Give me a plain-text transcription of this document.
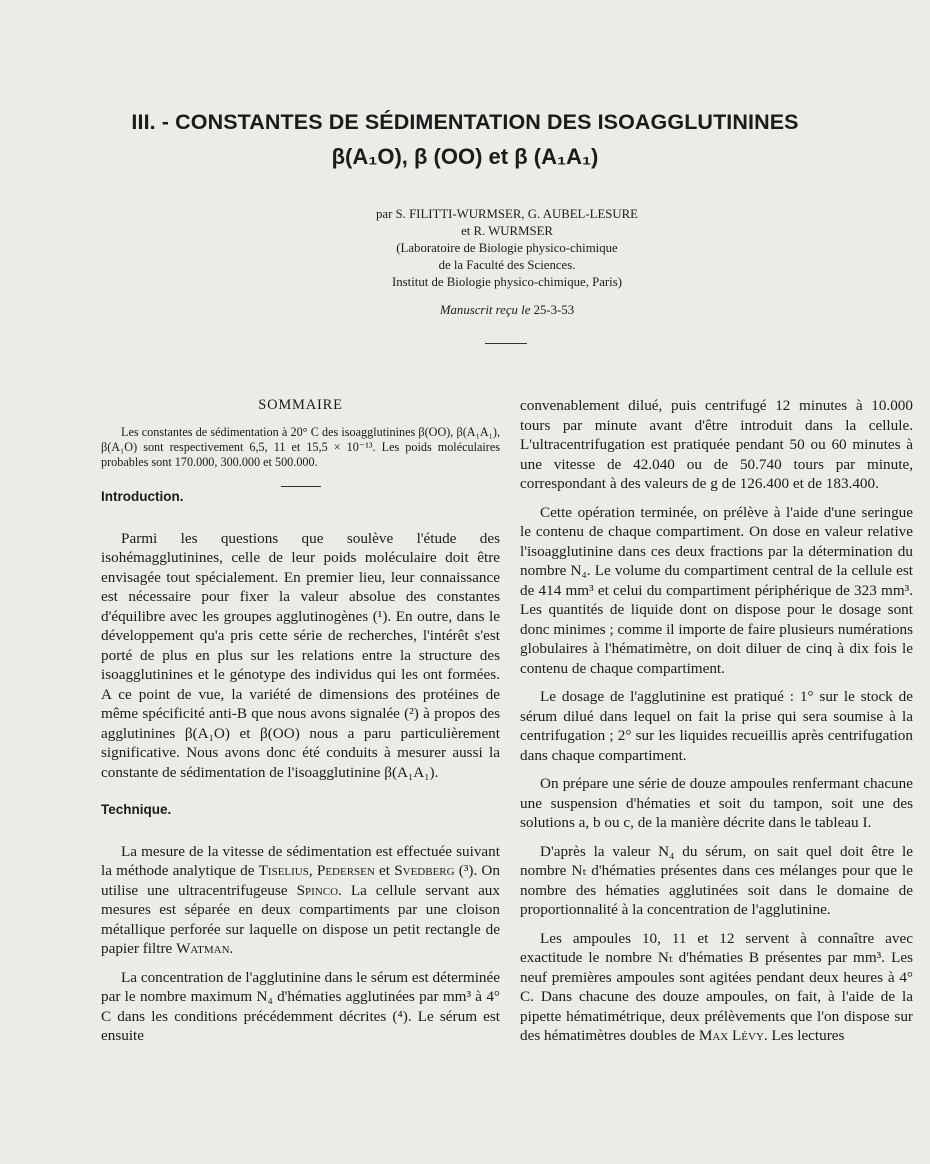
III. - CONSTANTES DE SÉDIMENTATION DES ISOAGGLUTININES
β(A₁O), β (OO) et β (A₁A₁)
par S. FILITTI-WURMSER, G. AUBEL-LESURE
et R. WURMSER
(Laboratoire de Biologie physico-chimique
de la Faculté des Sciences.
Institut de Biologie physico-chimique, Paris)
Manuscrit reçu le 25-3-53

SOMMAIRE

Les constantes de sédimentation à 20° C des isoagglutinines β(OO), β(A₁A₁), β(A₁O) sont respectivement 6,5, 11 et 15,5 × 10⁻¹³. Les poids moléculaires probables sont 170.000, 300.000 et 500.000.

Introduction.

Parmi les questions que soulève l'étude des isohémagglutinines, celle de leur poids moléculaire doit être envisagée tout spécialement. En premier lieu, leur connaissance est nécessaire pour fixer la valeur absolue des constantes d'équilibre avec les groupes agglutinogènes (¹). En outre, dans le développement qu'a pris cette série de recherches, l'intérêt s'est porté de plus en plus sur les relations entre la structure des isoagglutinines et le génotype des individus qui les ont formées. A ce point de vue, la variété de dimensions des protéines de même spécificité anti-B que nous avons signalée (²) à propos des agglutinines β(A₁O) et β(OO) nous a paru particulièrement significative. Nous avons donc été conduits à mesurer aussi la constante de sédimentation de l'isoagglutinine β(A₁A₁).

Technique.

La mesure de la vitesse de sédimentation est effectuée suivant la méthode analytique de Tiselius, Pedersen et Svedberg (³). On utilise une ultracentrifugeuse Spinco. La cellule servant aux mesures est séparée en deux compartiments par une cloison métallique perforée sur laquelle on dispose un petit rectangle de papier filtre Watman.

La concentration de l'agglutinine dans le sérum est déterminée par le nombre maximum N₄ d'hématies agglutinées par mm³ à 4° C dans les conditions précédemment décrites (⁴). Le sérum est ensuite

convenablement dilué, puis centrifugé 12 minutes à 10.000 tours par minute avant d'être introduit dans la cellule. L'ultracentrifugation est pratiquée pendant 50 ou 60 minutes à une vitesse de 42.040 ou de 50.740 tours par minute, correspondant à des valeurs de g de 126.400 et de 183.400.

Cette opération terminée, on prélève à l'aide d'une seringue le contenu de chaque compartiment. On dose en valeur relative l'isoagglutinine dans ces deux fractions par la détermination du nombre N₄. Le volume du compartiment central de la cellule est de 414 mm³ et celui du compartiment périphérique de 323 mm³. Les quantités de liquide dont on dispose pour le dosage sont donc minimes ; comme il importe de faire plusieurs numérations globulaires à l'hématimètre, on doit diluer de cinq à dix fois le contenu de chaque compartiment.

Le dosage de l'agglutinine est pratiqué : 1° sur le stock de sérum dilué dans lequel on fait la prise qui sera soumise à la centrifugation ; 2° sur les liquides recueillis après centrifugation dans chaque compartiment.

On prépare une série de douze ampoules renfermant chacune une suspension d'hématies et soit du tampon, soit une des solutions a, b ou c, de la manière décrite dans le tableau I.

D'après la valeur N₄ du sérum, on sait quel doit être le nombre Nₜ d'hématies présentes dans ces mélanges pour que le nombre des hématies agglutinées soit dans le domaine de proportionnalité à la concentration de l'agglutinine.

Les ampoules 10, 11 et 12 servent à connaître avec exactitude le nombre Nₜ d'hématies B présentes par mm³. Les neuf premières ampoules sont agitées pendant deux heures à 4° C. Dans chacune des douze ampoules, on fait, à l'aide de la pipette hématimétrique, deux prélèvements que l'on dispose sur des hématimètres doubles de Max Lévy. Les lectures
